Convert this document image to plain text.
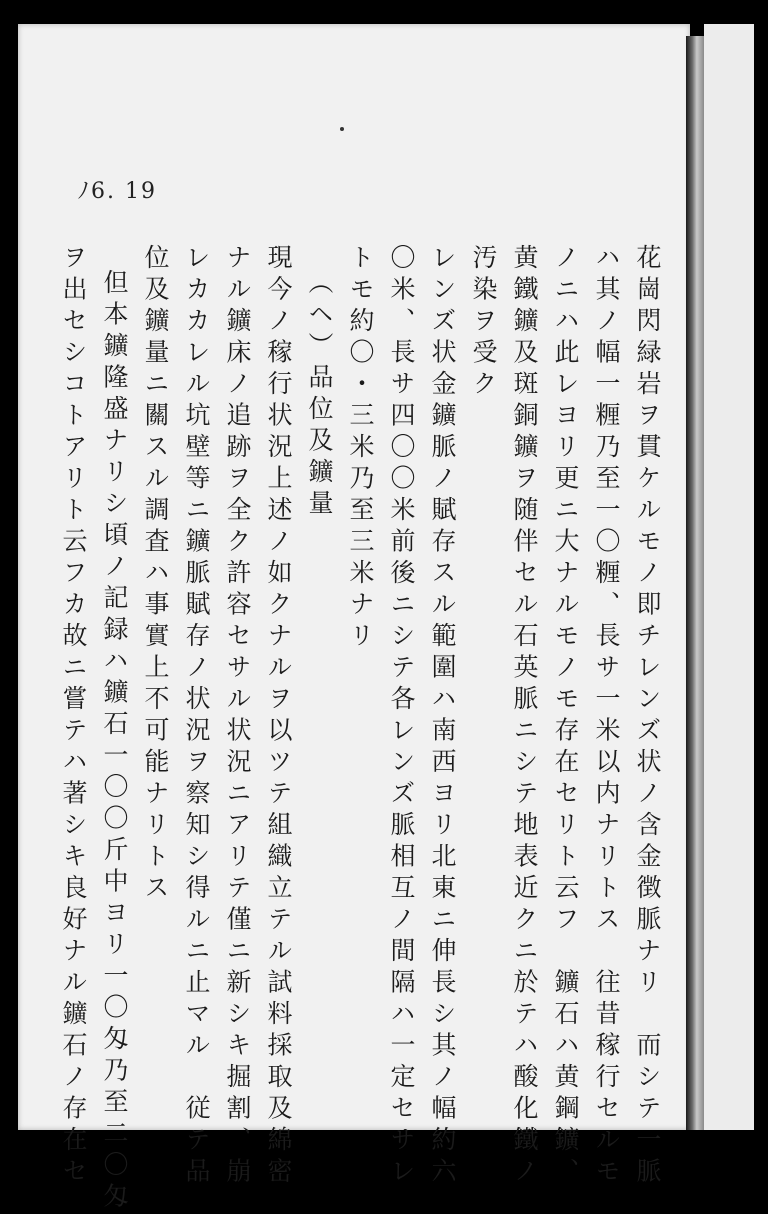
ﾉ6. 19
花崗閃緑岩ヲ貫ケルモノ即チレンズ状ノ含金徴脈ナリ　而シテ一脈
ハ其ノ幅一糎乃至一〇糎、長サ一米以内ナリトス　往昔稼行セルモ
ノニハ此レヨリ更ニ大ナルモノモ存在セリト云フ　鑛石ハ黄鋼鑛、
黄鐵鑛及斑銅鑛ヲ随伴セル石英脈ニシテ地表近クニ於テハ酸化鐵ノ
汚染ヲ受ク
レンズ状金鑛脈ノ賦存スル範圍ハ南西ヨリ北東ニ伸長シ其ノ幅約六
〇米、長サ四〇〇米前後ニシテ各レンズ脈相互ノ間隔ハ一定セサレ
トモ約〇・三米乃至三米ナリ
（ヘ）品位及鑛量
現今ノ稼行状況上述ノ如クナルヲ以ツテ組織立テル試料採取及綿密
ナル鑛床ノ追跡ヲ全ク許容セサル状況ニアリテ僅ニ新シキ掘割、崩
レカカレル坑壁等ニ鑛脈賦存ノ状況ヲ察知シ得ルニ止マル　従テ品
位及鑛量ニ關スル調査ハ事實上不可能ナリトス
但本鑛隆盛ナリシ頃ノ記録ハ鑛石一〇〇斤中ヨリ一〇匁乃至二〇匁
ヲ出セシコトアリト云フカ故ニ嘗テハ著シキ良好ナル鑛石ノ存在セ
